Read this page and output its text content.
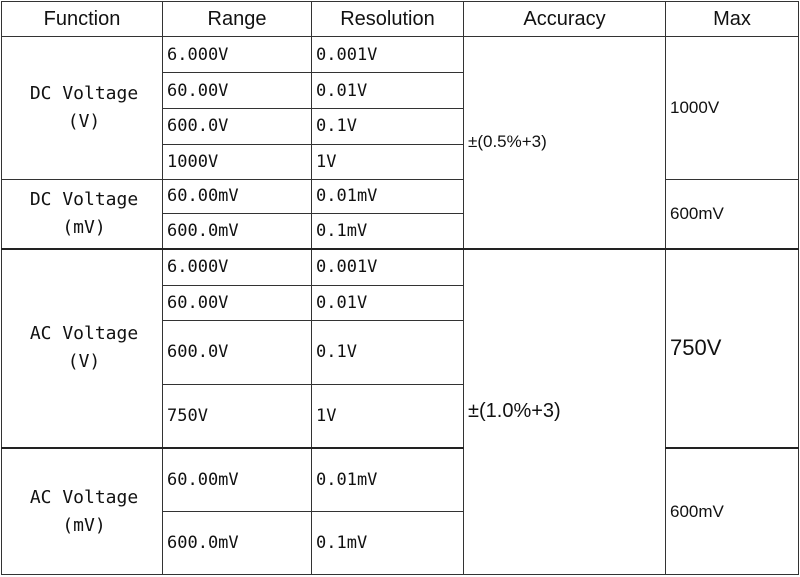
Function	Range	Resolution	Accuracy	Max

DC Voltage
(V)	6.000V	0.001V	±(0.5%+3)	1000V
	60.00V	0.01V		
	600.0V	0.1V		
	1000V	1V		

DC Voltage
(mV)	60.00mV	0.01mV		600mV
	600.0mV	0.1mV		

AC Voltage
(V)	6.000V	0.001V	±(1.0%+3)	750V
	60.00V	0.01V		
	600.0V	0.1V		
	750V	1V		

AC Voltage
(mV)	60.00mV	0.01mV		600mV
	600.0mV	0.1mV		
